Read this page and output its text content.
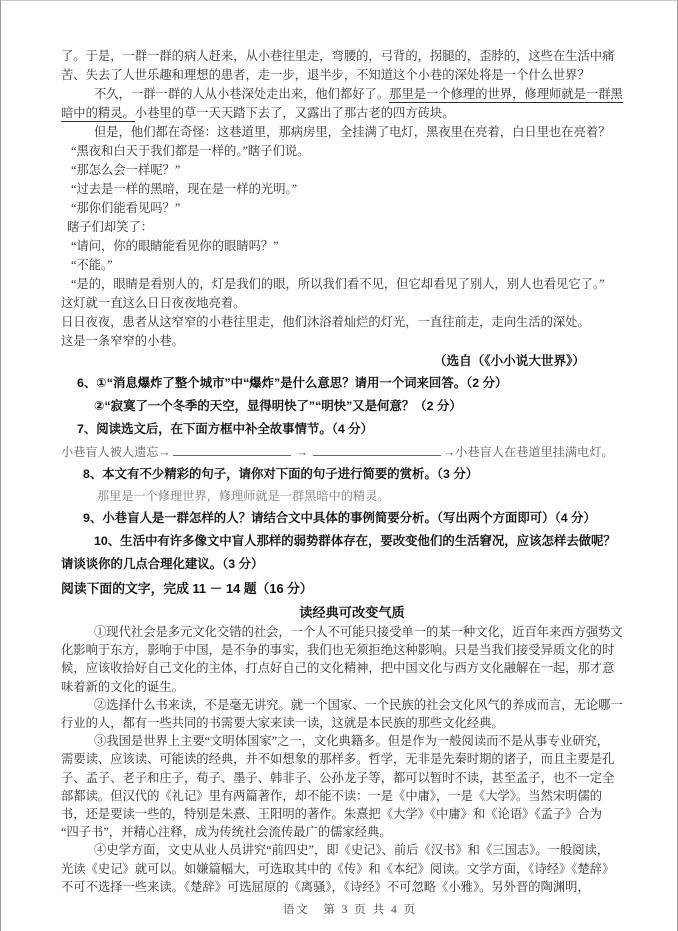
了。于是，一群一群的病人赶来，从小巷往里走，弯腰的，弓背的，拐腿的，歪脖的，这些在生活中痛
苦、失去了人世乐趣和理想的患者，走一步，退半步，不知道这个小巷的深处将是一个什么世界？
不久，一群一群的人从小巷深处走出来，他们都好了。那里是一个修理的世界，修理师就是一群黑
暗中的精灵。小巷里的草一天天踏下去了，又露出了那古老的四方砖块。
但是，他们都在奇怪：这巷道里，那病房里，全挂满了电灯，黑夜里在亮着，白日里也在亮着？
“黑夜和白天于我们都是一样的。”瞎子们说。
“那怎么会一样呢？”
“过去是一样的黑暗，现在是一样的光明。”
“那你们能看见吗？”
瞎子们却笑了：
“请问，你的眼睛能看见你的眼睛吗？”
“不能。”
“是的，眼睛是看别人的，灯是我们的眼，所以我们看不见，但它却看见了别人，别人也看见它了。”
这灯就一直这么日日夜夜地亮着。
日日夜夜，患者从这窄窄的小巷往里走，他们沐浴着灿烂的灯光，一直往前走，走向生活的深处。
这是一条窄窄的小巷。
（选自（《小小说大世界》）
6、①“消息爆炸了整个城市”中“爆炸”是什么意思？请用一个词来回答。（2 分）
②“寂寞了一个冬季的天空，显得明快了”“明快”又是何意？（2 分）
7、阅读选文后，在下面方框中补全故事情节。（4 分）
小巷盲人被人遗忘→	→	→小巷盲人在巷道里挂满电灯。
8、本文有不少精彩的句子，请你对下面的句子进行简要的赏析。（3 分）
那里是一个修理世界，修理师就是一群黑暗中的精灵。
9、小巷盲人是一群怎样的人？请结合文中具体的事例简要分析。（写出两个方面即可）（4 分）
10、生活中有许多像文中盲人那样的弱势群体存在，要改变他们的生活窘况，应该怎样去做呢？
请谈谈你的几点合理化建议。（3 分）
阅读下面的文字，完成 11 － 14 题（16 分）
读经典可改变气质
①现代社会是多元文化交错的社会，一个人不可能只接受单一的某一种文化，近百年来西方强势文
化影响于东方，影响于中国，是不争的事实，我们也无须拒绝这种影响。只是当我们接受异质文化的时
候，应该收拾好自己文化的主体，打点好自己的文化精神，把中国文化与西方文化融解在一起，那才意
味着新的文化的诞生。
②选择什么书来读，不是毫无讲究。就一个国家、一个民族的社会文化风气的养成而言，无论哪一
行业的人，都有一些共同的书需要大家来读一读，这就是本民族的那些文化经典。
③我国是世界上主要“文明体国家”之一，文化典籍多。但是作为一般阅读而不是从事专业研究，
需要读、应该读、可能读的经典，并不如想象的那样多。哲学，无非是先秦时期的诸子，而且主要是孔
子、孟子、老子和庄子，荀子、墨子、韩非子、公孙龙子等，都可以暂时不读，甚至孟子，也不一定全
部都读。但汉代的《礼记》里有两篇著作，却不能不读：一是《中庸》，一是《大学》。当然宋明儒的
书，还是要读一些的，特别是朱熹、王阳明的著作。朱熹把《大学》《中庸》和《论语》《孟子》合为
“四子书”，并精心注释，成为传统社会流传最广的儒家经典。
④史学方面，文史从业人员讲究“前四史”，即《史记》、前后《汉书》和《三国志》。一般阅读，
光读《史记》就可以。如嫌篇幅大，可选取其中的《传》和《本纪》阅读。文学方面，《诗经》《楚辞》
不可不选择一些来读。《楚辞》可选屈原的《离骚》，《诗经》不可忽略《小雅》。另外晋的陶渊明，
语文　第 3 页 共 4 页
